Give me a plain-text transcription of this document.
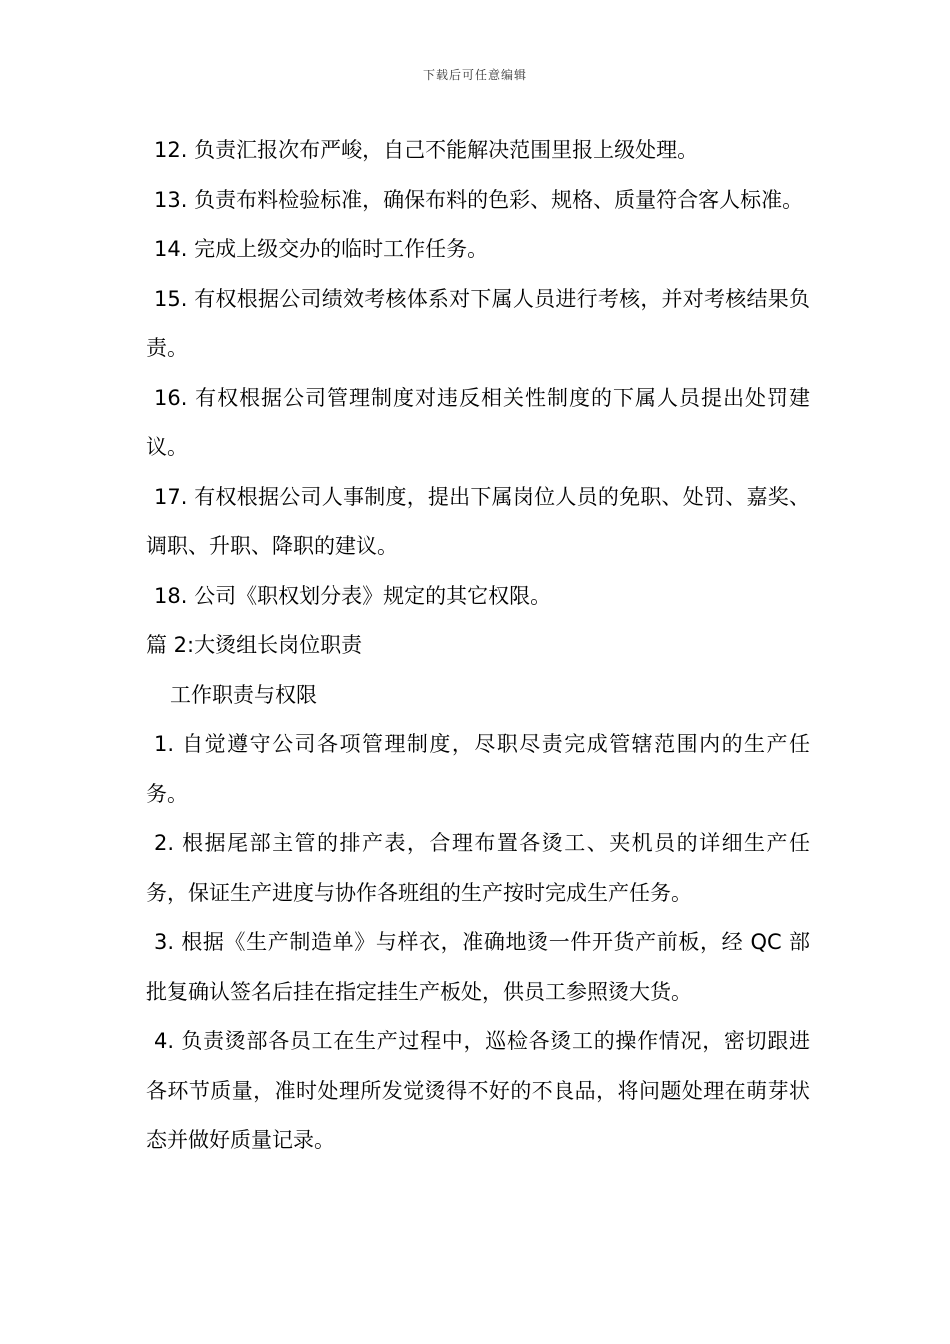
下载后可任意编辑

12. 负责汇报次布严峻，自己不能解决范围里报上级处理。

13. 负责布料检验标准，确保布料的色彩、规格、质量符合客人标准。

14. 完成上级交办的临时工作任务。

15. 有权根据公司绩效考核体系对下属人员进行考核，并对考核结果负责。

16. 有权根据公司管理制度对违反相关性制度的下属人员提出处罚建议。

17. 有权根据公司人事制度，提出下属岗位人员的免职、处罚、嘉奖、调职、升职、降职的建议。

18. 公司《职权划分表》规定的其它权限。

篇 2:大烫组长岗位职责

工作职责与权限

1. 自觉遵守公司各项管理制度，尽职尽责完成管辖范围内的生产任务。

2. 根据尾部主管的排产表，合理布置各烫工、夹机员的详细生产任务，保证生产进度与协作各班组的生产按时完成生产任务。

3. 根据《生产制造单》与样衣，准确地烫一件开货产前板，经 QC 部批复确认签名后挂在指定挂生产板处，供员工参照烫大货。

4. 负责烫部各员工在生产过程中，巡检各烫工的操作情况，密切跟进各环节质量，准时处理所发觉烫得不好的不良品，将问题处理在萌芽状态并做好质量记录。
